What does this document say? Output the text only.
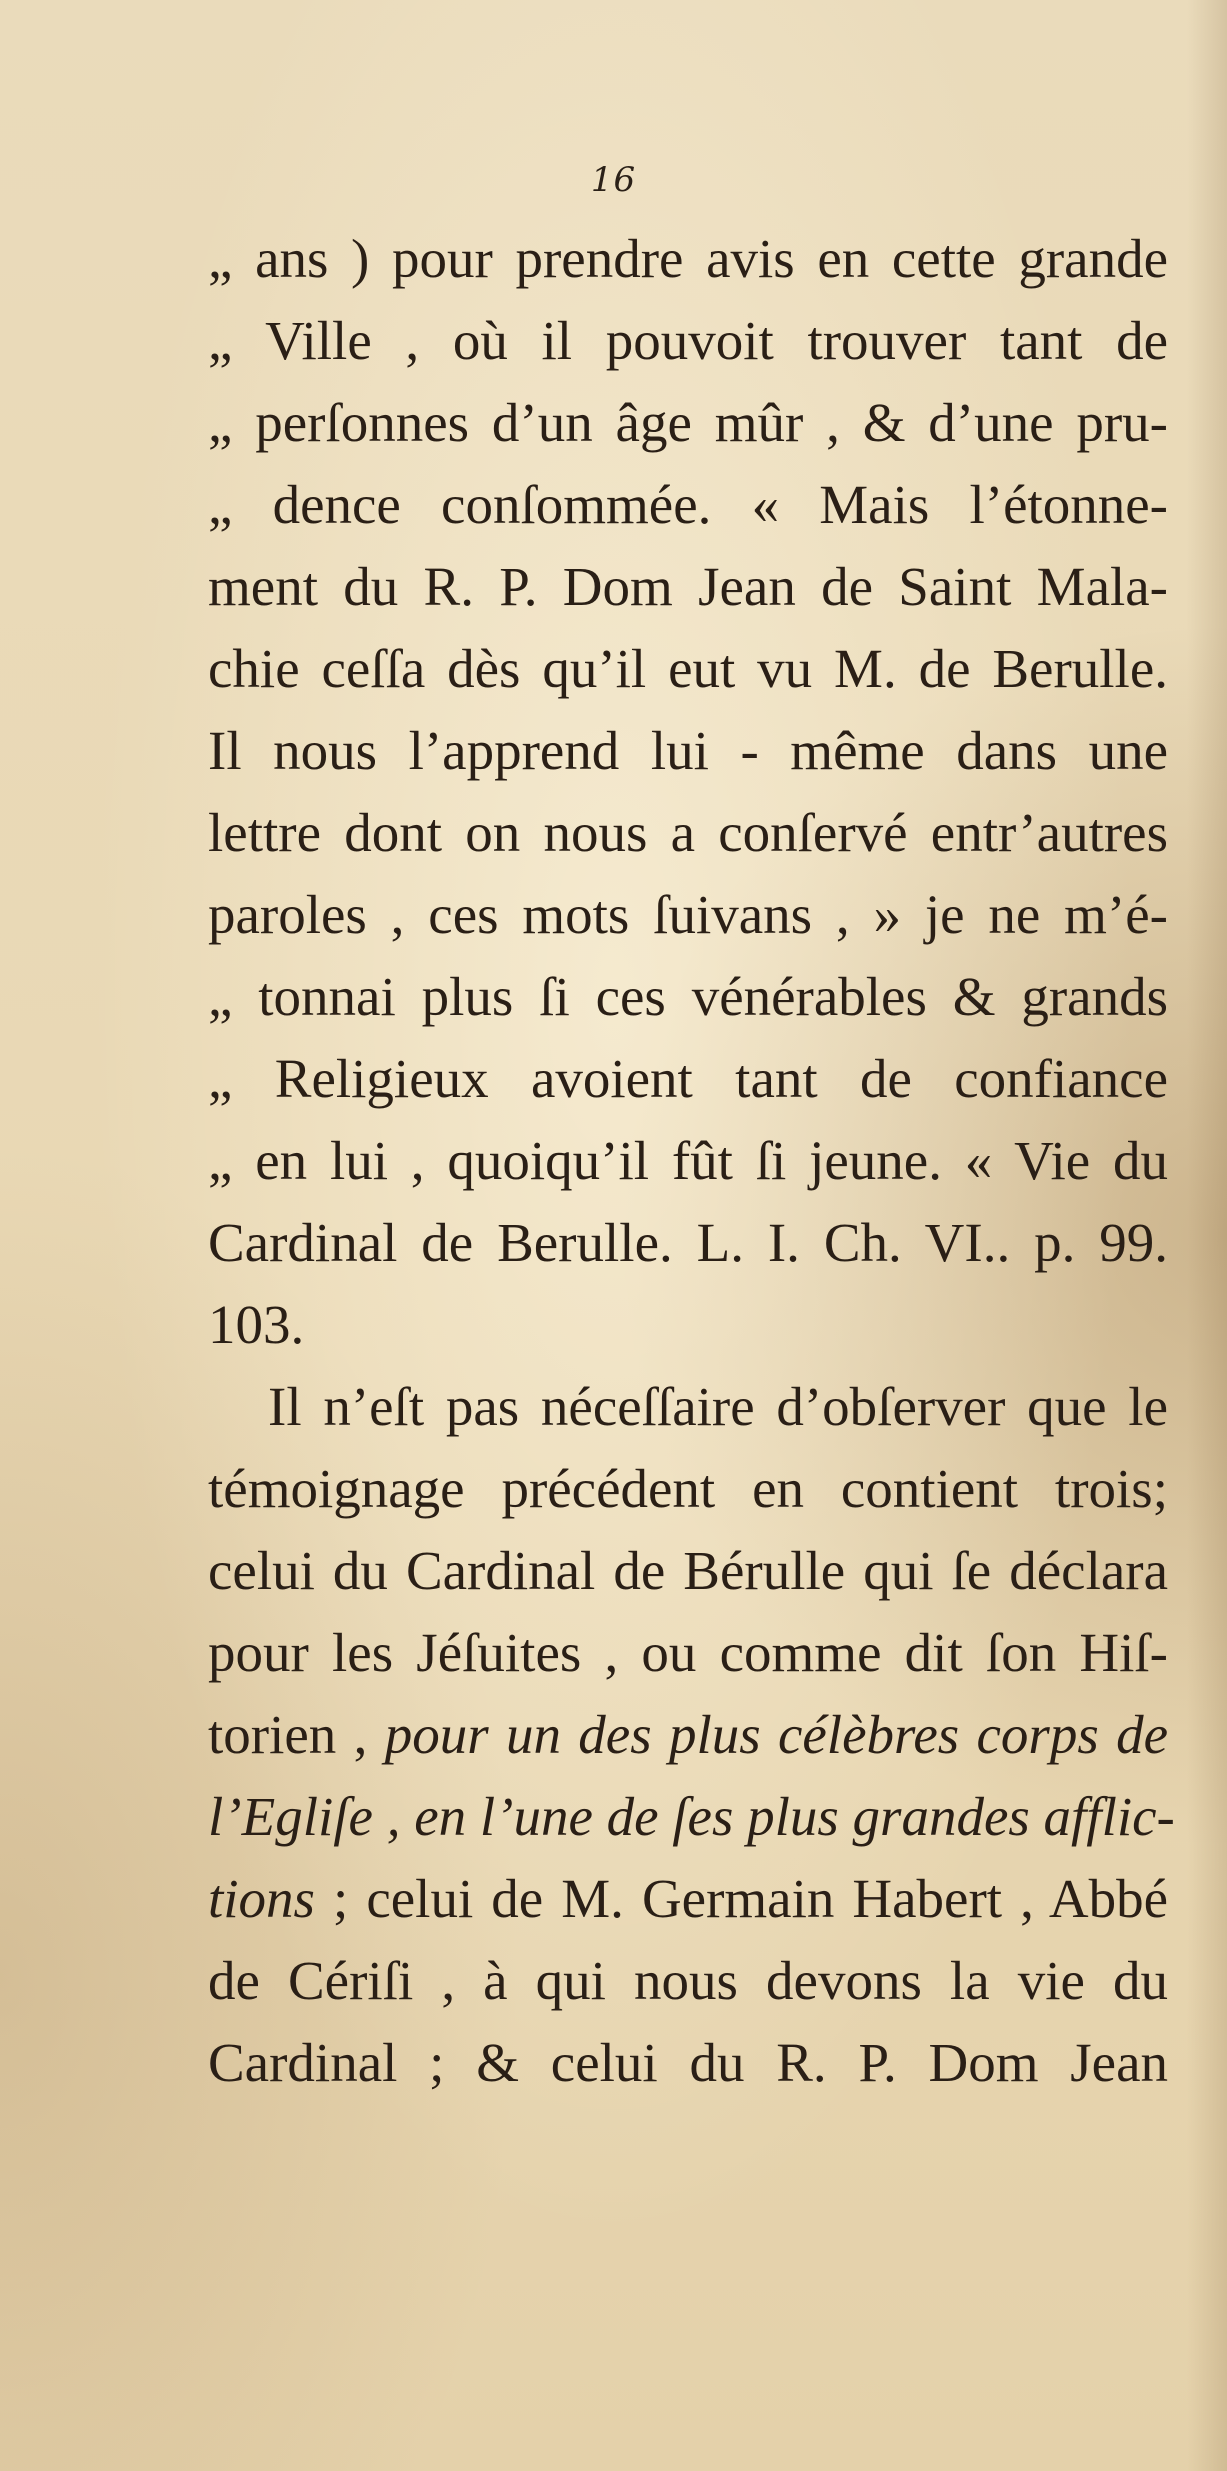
16
„ ans ) pour prendre avis en cette grande
„ Ville , où il pouvoit trouver tant de
„ perſonnes d’un âge mûr , & d’une pru-
„ dence conſommée. « Mais l’étonne-
ment du R. P. Dom Jean de Saint Mala-
chie ceſſa dès qu’il eut vu M. de Berulle.
Il nous l’apprend lui - même dans une
lettre dont on nous a conſervé entr’autres
paroles , ces mots ſuivans , » je ne m’é-
„ tonnai plus ſi ces vénérables & grands
„ Religieux avoient tant de confiance
„ en lui , quoiqu’il fût ſi jeune. « Vie du
Cardinal de Berulle. L. I. Ch. VI.. p. 99.
103.
Il n’eſt pas néceſſaire d’obſerver que le
témoignage précédent en contient trois;
celui du Cardinal de Bérulle qui ſe déclara
pour les Jéſuites , ou comme dit ſon Hiſ-
torien , pour un des plus célèbres corps de
l’Egliſe , en l’une de ſes plus grandes afflic-
tions ; celui de M. Germain Habert , Abbé
de Cériſi , à qui nous devons la vie du
Cardinal ; & celui du R. P. Dom Jean
